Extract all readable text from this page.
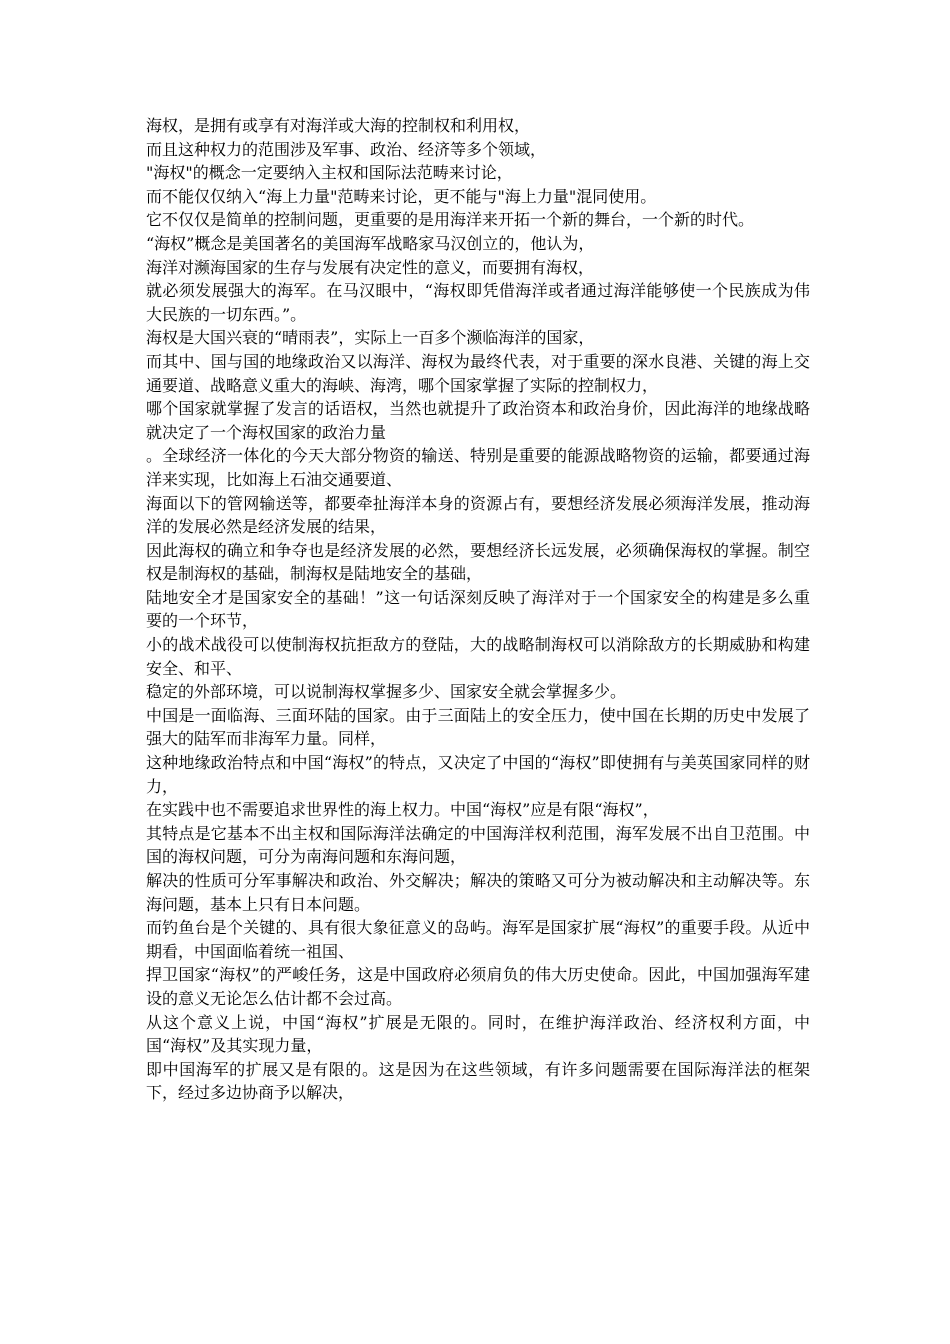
海权，是拥有或享有对海洋或大海的控制权和利用权，

而且这种权力的范围涉及军事、政治、经济等多个领域，

"海权"的概念一定要纳入主权和国际法范畴来讨论，

而不能仅仅纳入“海上力量"范畴来讨论，更不能与"海上力量"混同使用。

它不仅仅是简单的控制问题，更重要的是用海洋来开拓一个新的舞台，一个新的时代。

“海权”概念是美国著名的美国海军战略家马汉创立的，他认为，

海洋对濒海国家的生存与发展有决定性的意义，而要拥有海权，

就必须发展强大的海军。在马汉眼中，“海权即凭借海洋或者通过海洋能够使一个民族成为伟大民族的一切东西。”。

海权是大国兴衰的“晴雨表”，实际上一百多个濒临海洋的国家，

而其中、国与国的地缘政治又以海洋、海权为最终代表，对于重要的深水良港、关键的海上交通要道、战略意义重大的海峡、海湾，哪个国家掌握了实际的控制权力，

哪个国家就掌握了发言的话语权，当然也就提升了政治资本和政治身价，因此海洋的地缘战略就决定了一个海权国家的政治力量

。全球经济一体化的今天大部分物资的输送、特别是重要的能源战略物资的运输，都要通过海洋来实现，比如海上石油交通要道、

海面以下的管网输送等，都要牵扯海洋本身的资源占有，要想经济发展必须海洋发展，推动海洋的发展必然是经济发展的结果，

因此海权的确立和争夺也是经济发展的必然，要想经济长远发展，必须确保海权的掌握。制空权是制海权的基础，制海权是陆地安全的基础，

陆地安全才是国家安全的基础！”这一句话深刻反映了海洋对于一个国家安全的构建是多么重要的一个环节，

小的战术战役可以使制海权抗拒敌方的登陆，大的战略制海权可以消除敌方的长期威胁和构建安全、和平、

稳定的外部环境，可以说制海权掌握多少、国家安全就会掌握多少。

中国是一面临海、三面环陆的国家。由于三面陆上的安全压力，使中国在长期的历史中发展了强大的陆军而非海军力量。同样，

这种地缘政治特点和中国“海权”的特点，又决定了中国的“海权”即使拥有与美英国家同样的财力，

在实践中也不需要追求世界性的海上权力。中国“海权”应是有限“海权”，

其特点是它基本不出主权和国际海洋法确定的中国海洋权利范围，海军发展不出自卫范围。中国的海权问题，可分为南海问题和东海问题，

解决的性质可分军事解决和政治、外交解决；解决的策略又可分为被动解决和主动解决等。东海问题，基本上只有日本问题。

而钓鱼台是个关键的、具有很大象征意义的岛屿。海军是国家扩展“海权”的重要手段。从近中期看，中国面临着统一祖国、

捍卫国家“海权”的严峻任务，这是中国政府必须肩负的伟大历史使命。因此，中国加强海军建设的意义无论怎么估计都不会过高。

从这个意义上说，中国“海权”扩展是无限的。同时，在维护海洋政治、经济权利方面，中国“海权”及其实现力量，

即中国海军的扩展又是有限的。这是因为在这些领域，有许多问题需要在国际海洋法的框架下，经过多边协商予以解决，
